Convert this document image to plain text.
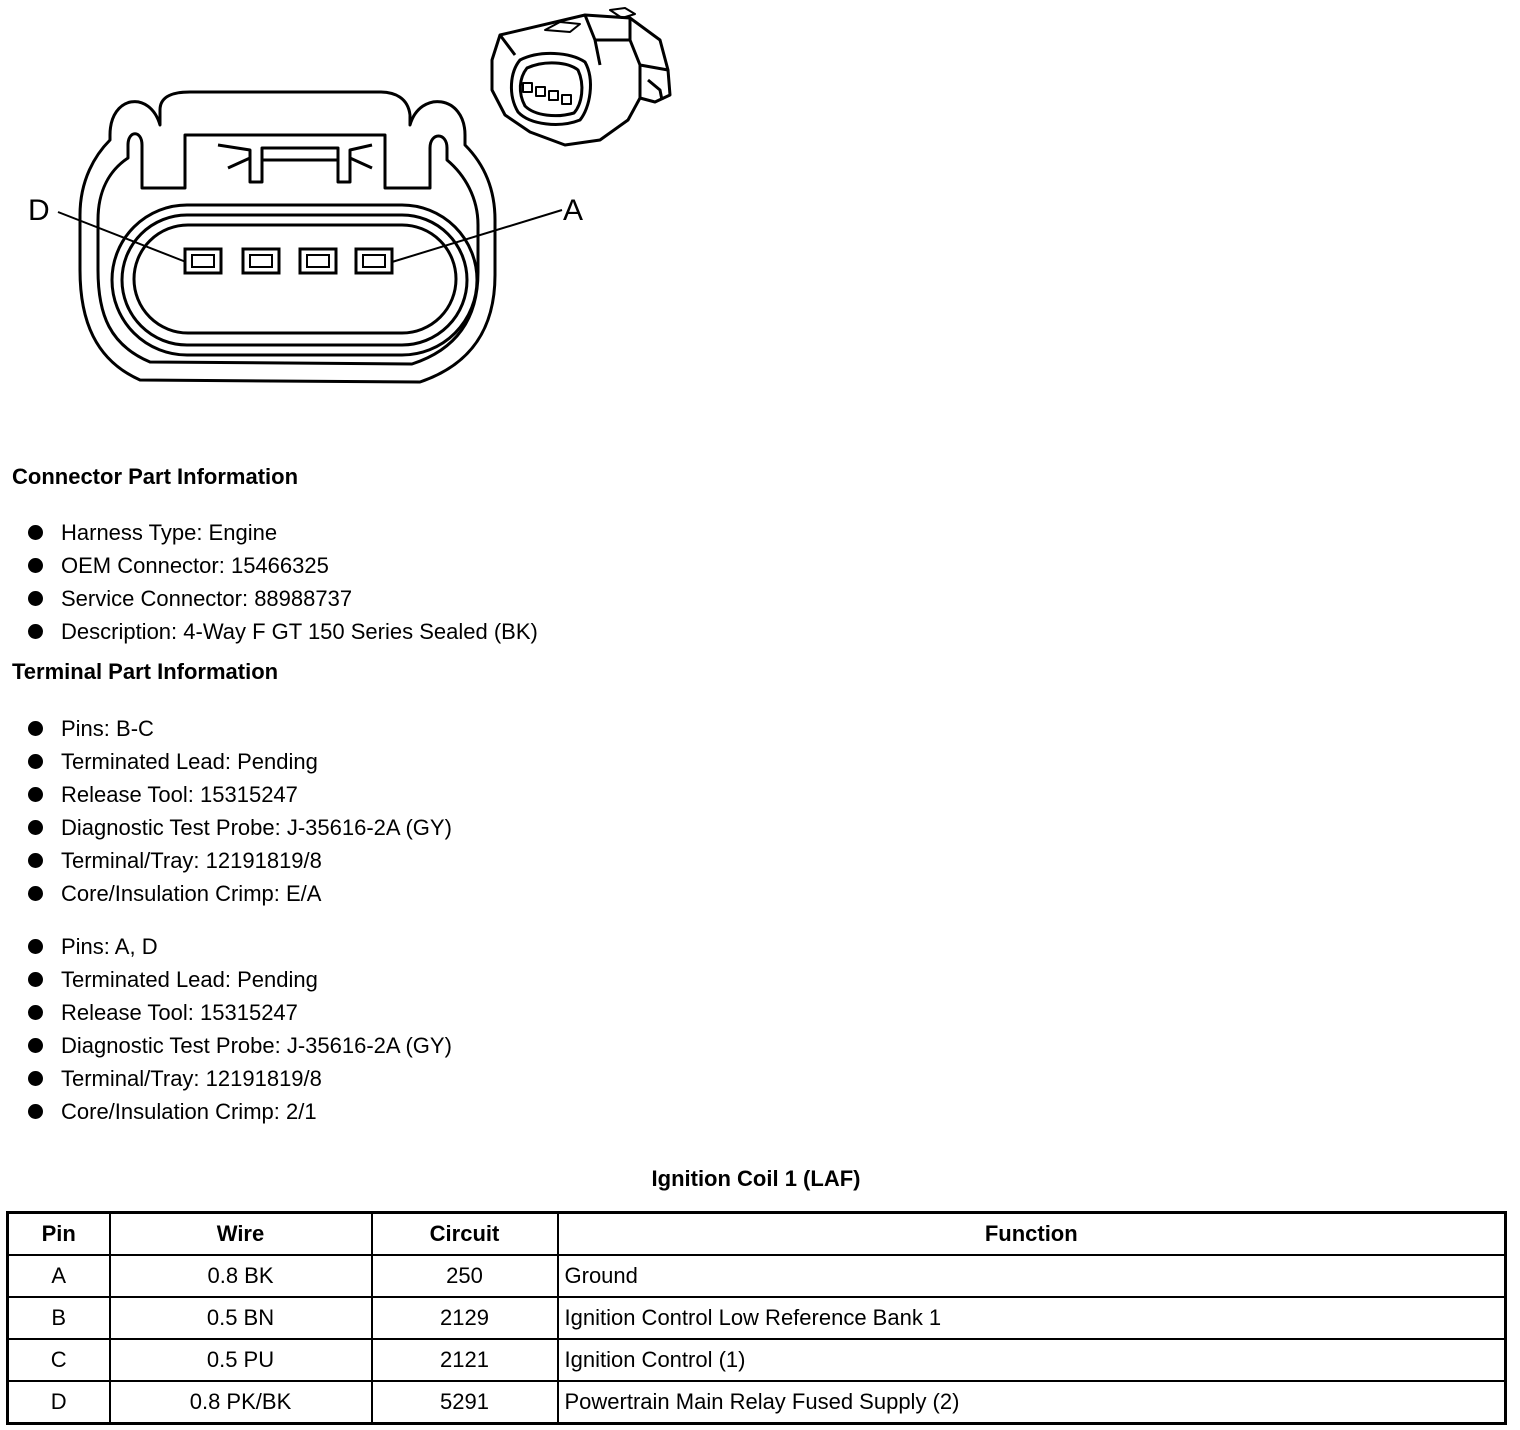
D	A
Connector Part Information
Harness Type: Engine
OEM Connector: 15466325
Service Connector: 88988737
Description: 4-Way F GT 150 Series Sealed (BK)
Terminal Part Information
Pins: B-C
Terminated Lead: Pending
Release Tool: 15315247
Diagnostic Test Probe: J-35616-2A (GY)
Terminal/Tray: 12191819/8
Core/Insulation Crimp: E/A
Pins: A, D
Terminated Lead: Pending
Release Tool: 15315247
Diagnostic Test Probe: J-35616-2A (GY)
Terminal/Tray: 12191819/8
Core/Insulation Crimp: 2/1
Ignition Coil 1 (LAF)
Pin	Wire	Circuit	Function
A	0.8 BK	250	Ground
B	0.5 BN	2129	Ignition Control Low Reference Bank 1
C	0.5 PU	2121	Ignition Control (1)
D	0.8 PK/BK	5291	Powertrain Main Relay Fused Supply (2)
